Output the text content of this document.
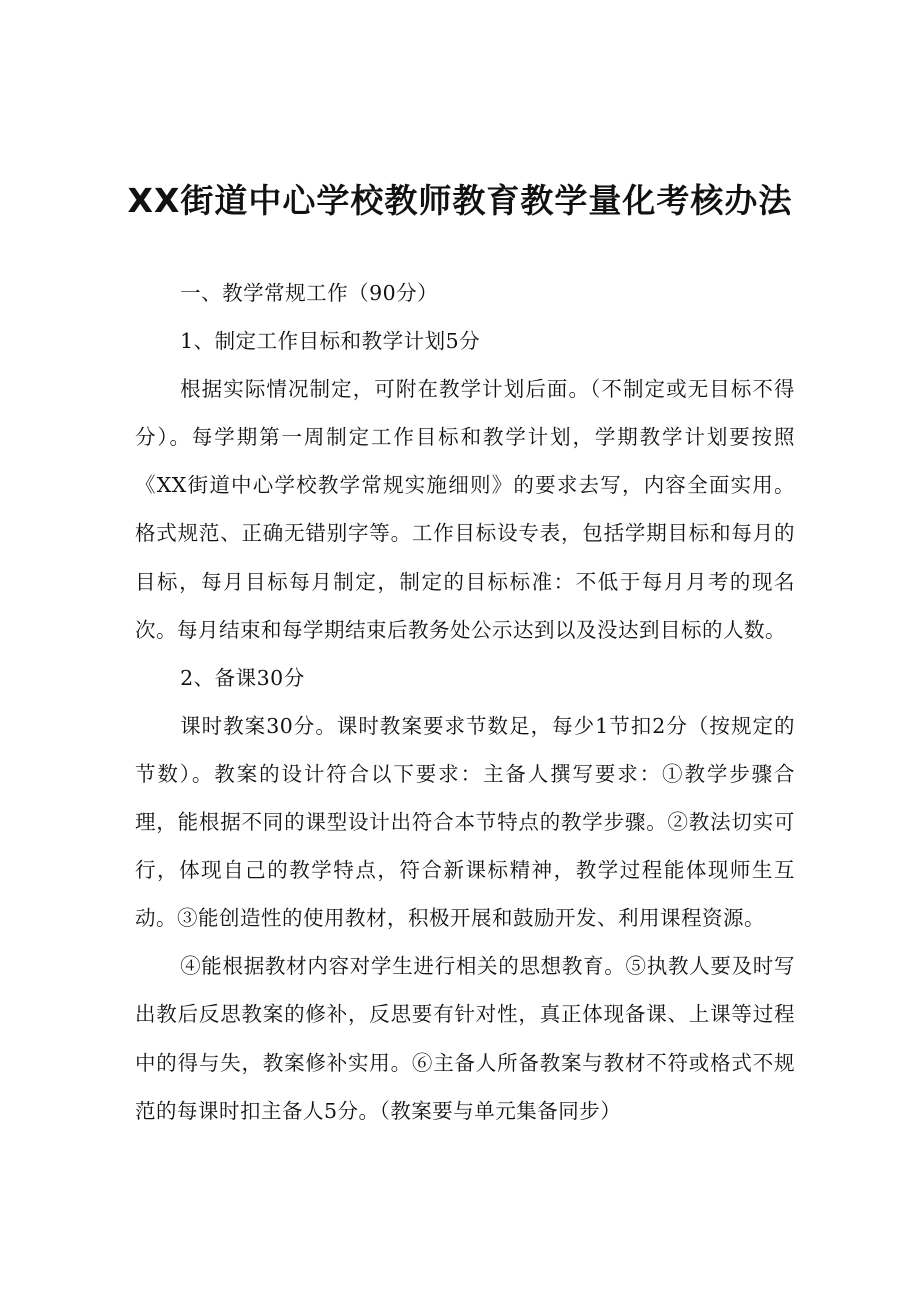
XX街道中心学校教师教育教学量化考核办法

一、教学常规工作（90分）

1、制定工作目标和教学计划5分

根据实际情况制定，可附在教学计划后面。（不制定或无目标不得分）。每学期第一周制定工作目标和教学计划，学期教学计划要按照《XX街道中心学校教学常规实施细则》的要求去写，内容全面实用。格式规范、正确无错别字等。工作目标设专表，包括学期目标和每月的目标，每月目标每月制定，制定的目标标准：不低于每月月考的现名次。每月结束和每学期结束后教务处公示达到以及没达到目标的人数。

2、备课30分

课时教案30分。课时教案要求节数足，每少1节扣2分（按规定的节数）。教案的设计符合以下要求：主备人撰写要求：①教学步骤合理，能根据不同的课型设计出符合本节特点的教学步骤。②教法切实可行，体现自己的教学特点，符合新课标精神，教学过程能体现师生互动。③能创造性的使用教材，积极开展和鼓励开发、利用课程资源。

④能根据教材内容对学生进行相关的思想教育。⑤执教人要及时写出教后反思教案的修补，反思要有针对性，真正体现备课、上课等过程中的得与失，教案修补实用。⑥主备人所备教案与教材不符或格式不规范的每课时扣主备人5分。（教案要与单元集备同步）
